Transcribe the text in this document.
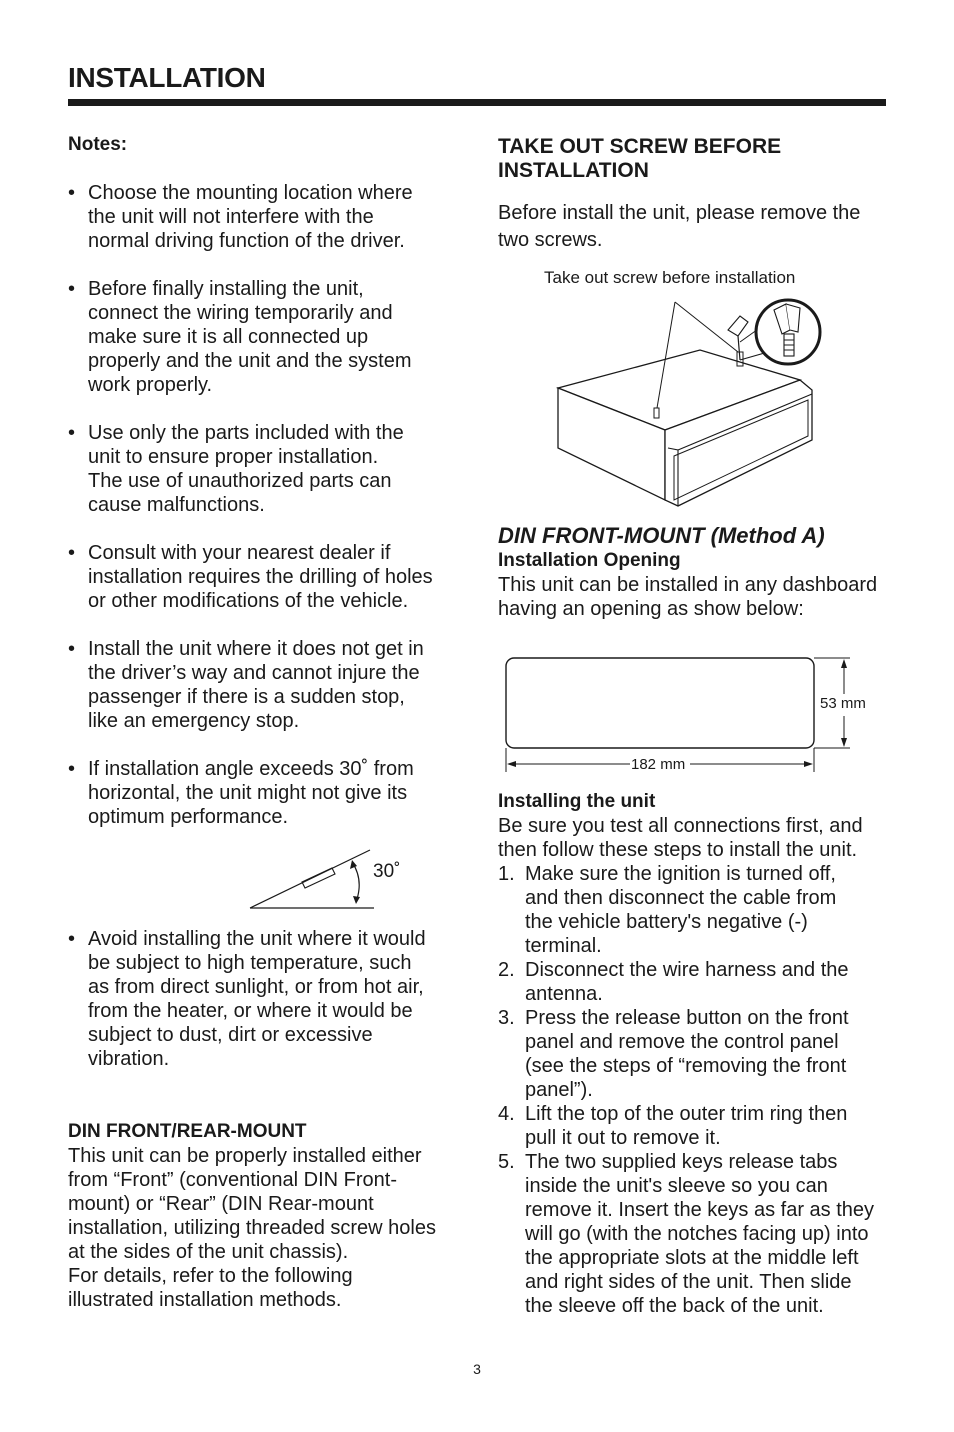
INSTALLATION
Notes:
• Choose the mounting location where
the unit will not interfere with the
normal driving function of the driver.
• Before finally installing the unit,
connect the wiring temporarily and
make sure it is all connected up
properly and the unit and the system
work properly.
• Use only the parts included with the
unit to ensure proper installation.
The use of unauthorized parts can
cause malfunctions.
• Consult with your nearest dealer if
installation requires the drilling of holes
or other modifications of the vehicle.
• Install the unit where it does not get in
the driver’s way and cannot injure the
passenger if there is a sudden stop,
like an emergency stop.
• If installation angle exceeds 30˚ from
horizontal, the unit might not give its
optimum performance.
30˚
• Avoid installing the unit where it would
be subject to high temperature, such
as from direct sunlight, or from hot air,
from the heater, or where it would be
subject to dust, dirt or excessive
vibration.
DIN FRONT/REAR-MOUNT
This unit can be properly installed either
from “Front” (conventional DIN Front-
mount) or “Rear” (DIN Rear-mount
installation, utilizing threaded screw holes
at the sides of the unit chassis).
For details, refer to the following
illustrated installation methods.
TAKE OUT SCREW BEFORE
INSTALLATION
Before install the unit, please remove the
two screws.
Take out screw before installation
DIN FRONT-MOUNT (Method A)
Installation Opening
This unit can be installed in any dashboard
having an opening as show below:
53 mm
182 mm
Installing the unit
Be sure you test all connections first, and
then follow these steps to install the unit.
1. Make sure the ignition is turned off,
and then disconnect the cable from
the vehicle battery's negative (-)
terminal.
2. Disconnect the wire harness and the
antenna.
3. Press the release button on the front
panel and remove the control panel
(see the steps of “removing the front
panel”).
4. Lift the top of the outer trim ring then
pull it out to remove it.
5. The two supplied keys release tabs
inside the unit's sleeve so you can
remove it. Insert the keys as far as they
will go (with the notches facing up) into
the appropriate slots at the middle left
and right sides of the unit. Then slide
the sleeve off the back of the unit.
3
